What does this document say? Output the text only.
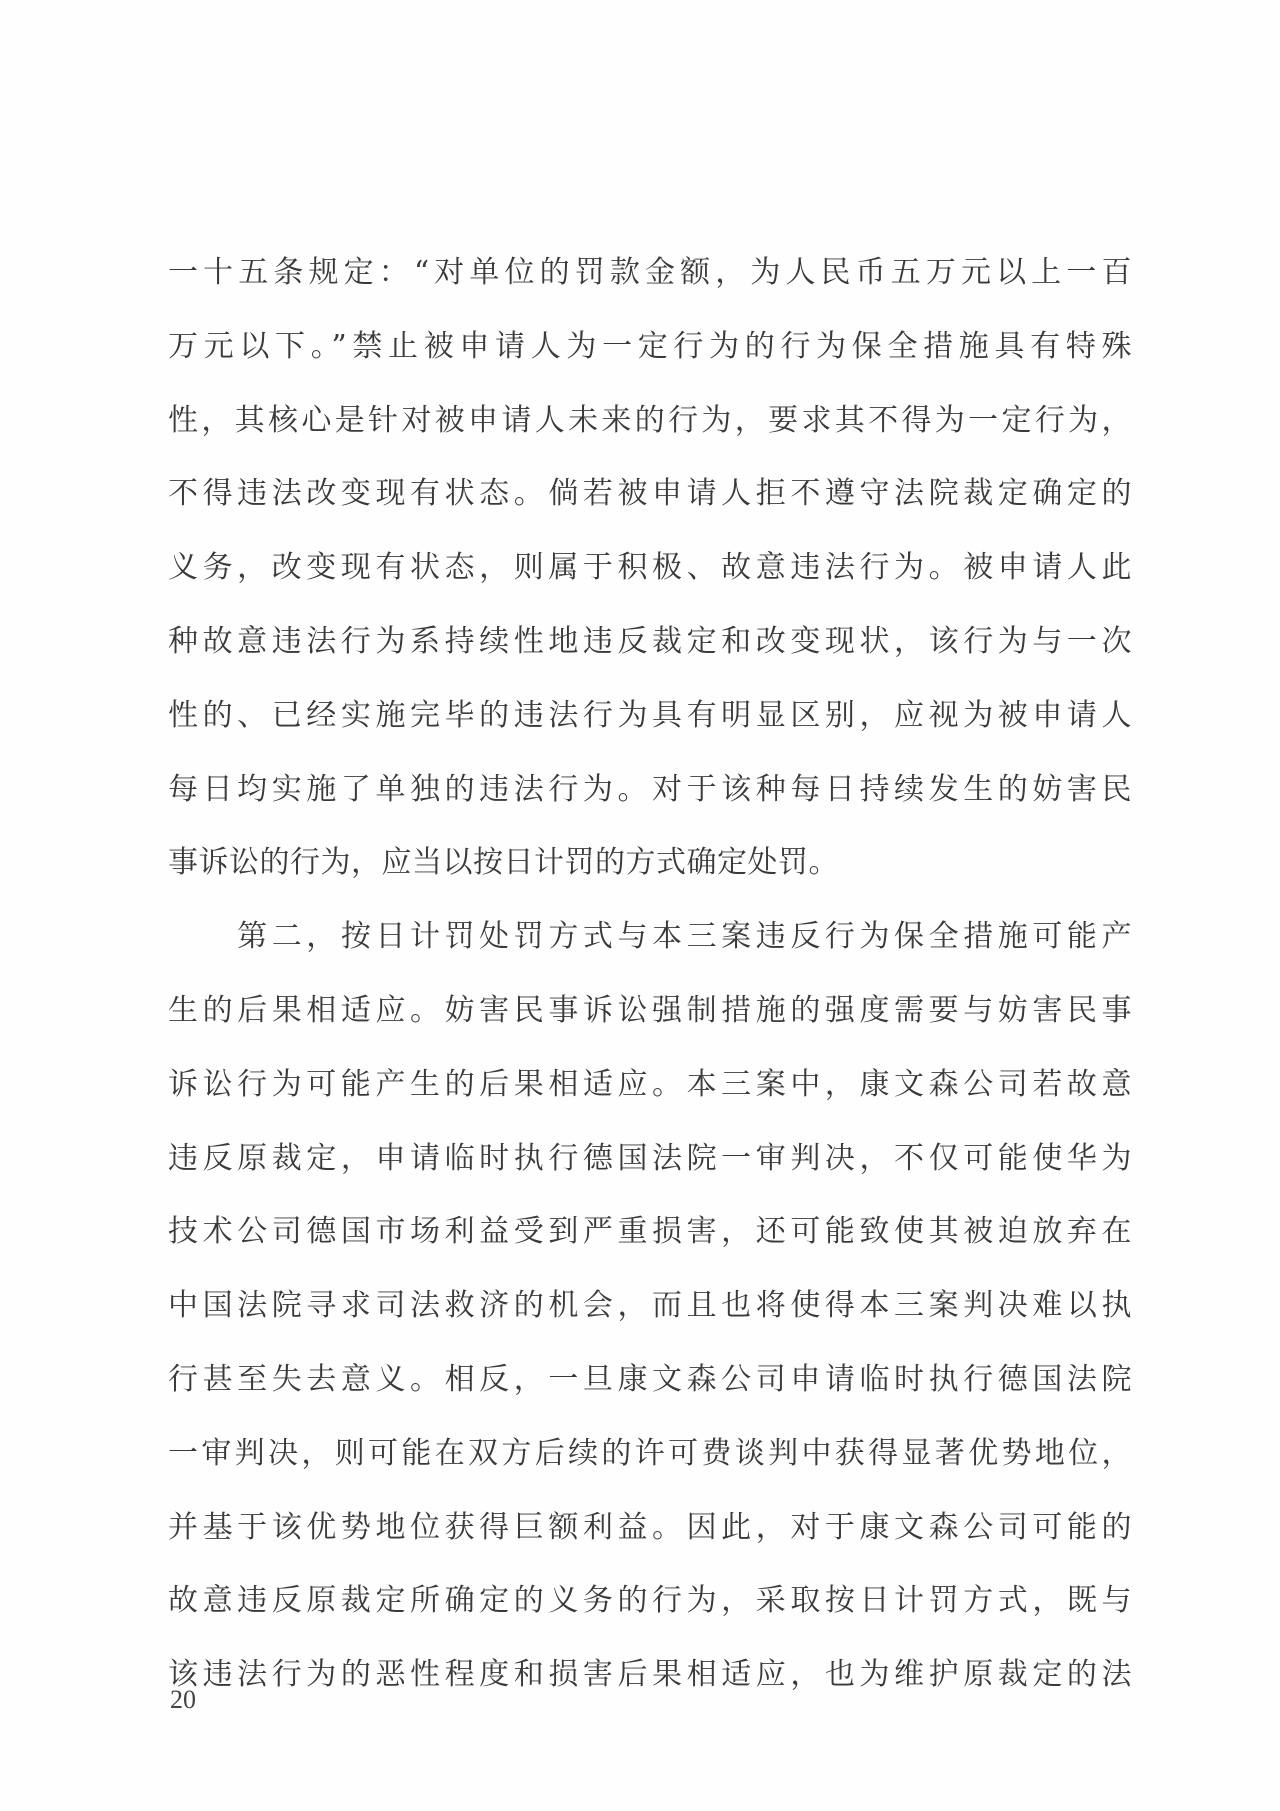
一十五条规定：“对单位的罚款金额，为人民币五万元以上一百
万元以下。”禁止被申请人为一定行为的行为保全措施具有特殊
性，其核心是针对被申请人未来的行为，要求其不得为一定行为，
不得违法改变现有状态。倘若被申请人拒不遵守法院裁定确定的
义务，改变现有状态，则属于积极、故意违法行为。被申请人此
种故意违法行为系持续性地违反裁定和改变现状，该行为与一次
性的、已经实施完毕的违法行为具有明显区别，应视为被申请人
每日均实施了单独的违法行为。对于该种每日持续发生的妨害民
事诉讼的行为，应当以按日计罚的方式确定处罚。
　　第二，按日计罚处罚方式与本三案违反行为保全措施可能产
生的后果相适应。妨害民事诉讼强制措施的强度需要与妨害民事
诉讼行为可能产生的后果相适应。本三案中，康文森公司若故意
违反原裁定，申请临时执行德国法院一审判决，不仅可能使华为
技术公司德国市场利益受到严重损害，还可能致使其被迫放弃在
中国法院寻求司法救济的机会，而且也将使得本三案判决难以执
行甚至失去意义。相反，一旦康文森公司申请临时执行德国法院
一审判决，则可能在双方后续的许可费谈判中获得显著优势地位，
并基于该优势地位获得巨额利益。因此，对于康文森公司可能的
故意违反原裁定所确定的义务的行为，采取按日计罚方式，既与
该违法行为的恶性程度和损害后果相适应，也为维护原裁定的法
20
